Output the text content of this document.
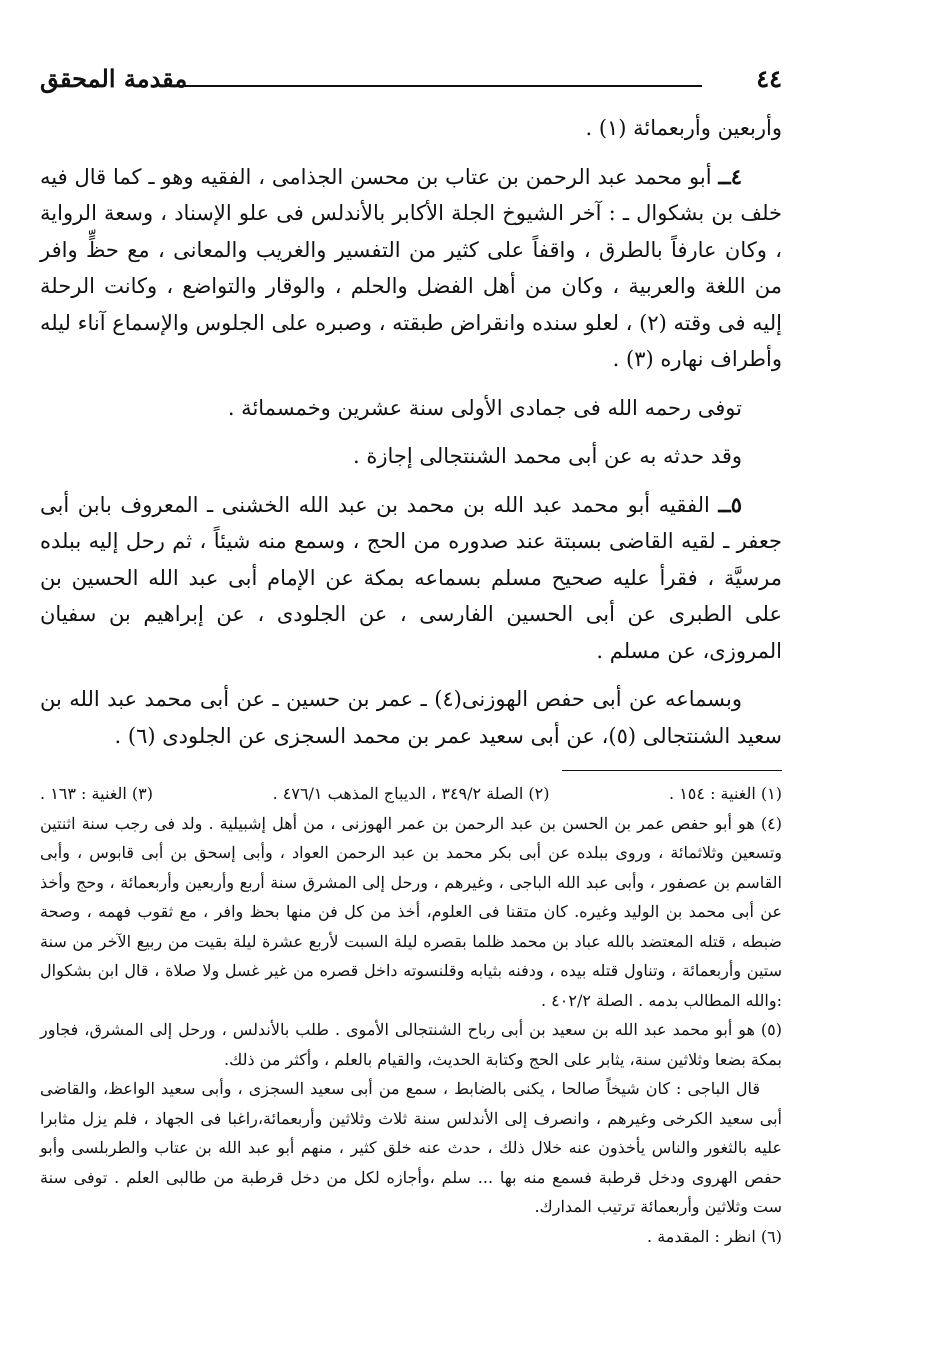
٤٤
مقدمة المحقق

وأربعين وأربعمائة (١) .

٤ــ أبو محمد عبد الرحمن بن عتاب بن محسن الجذامى ، الفقيه وهو ـ كما قال فيه خلف بن بشكوال ـ : آخر الشيوخ الجلة الأكابر بالأندلس فى علو الإسناد ، وسعة الرواية ، وكان عارفاً بالطرق ، واقفاً على كثير من التفسير والغريب والمعانى ، مع حظٍّ وافر من اللغة والعربية ، وكان من أهل الفضل والحلم ، والوقار والتواضع ، وكانت الرحلة إليه فى وقته (٢) ، لعلو سنده وانقراض طبقته ، وصبره على الجلوس والإسماع آناء ليله وأطراف نهاره (٣) .

توفى رحمه الله فى جمادى الأولى سنة عشرين وخمسمائة .

وقد حدثه به عن أبى محمد الشنتجالى إجازة .

٥ــ الفقيه أبو محمد عبد الله بن محمد بن عبد الله الخشنى ـ المعروف بابن أبى جعفر ـ لقيه القاضى بسبتة عند صدوره من الحج ، وسمع منه شيئاً ، ثم رحل إليه ببلده مرسيَّة ، فقرأ عليه صحيح مسلم بسماعه بمكة عن الإمام أبى عبد الله الحسين بن على الطبرى عن أبى الحسين الفارسى ، عن الجلودى ، عن إبراهيم بن سفيان المروزى، عن مسلم .

وبسماعه عن أبى حفص الهوزنى(٤) ـ عمر بن حسين ـ عن أبى محمد عبد الله بن سعيد الشنتجالى (٥)، عن أبى سعيد عمر بن محمد السجزى عن الجلودى (٦) .

(١) الغنية : ١٥٤ .
(٢) الصلة ٣٤٩/٢ ، الديباج المذهب ٤٧٦/١ .
(٣) الغنية : ١٦٣ .

(٤) هو أبو حفص عمر بن الحسن بن عبد الرحمن بن عمر الهوزنى ، من أهل إشبيلية . ولد فى رجب سنة اثنتين وتسعين وثلاثمائة ، وروى ببلده عن أبى بكر محمد بن عبد الرحمن العواد ، وأبى إسحق بن أبى قابوس ، وأبى القاسم بن عصفور ، وأبى عبد الله الباجى ، وغيرهم ، ورحل إلى المشرق سنة أربع وأربعين وأربعمائة ، وحج وأخذ عن أبى محمد بن الوليد وغيره. كان متقنا فى العلوم، أخذ من كل فن منها بحظ وافر ، مع ثقوب فهمه ، وصحة ضبطه ، قتله المعتضد بالله عباد بن محمد ظلما بقصره ليلة السبت لأربع عشرة ليلة بقيت من ربيع الآخر من سنة ستين وأربعمائة ، وتناول قتله بيده ، ودفنه بثيابه وقلنسوته داخل قصره من غير غسل ولا صلاة ، قال ابن بشكوال :والله المطالب بدمه . الصلة ٤٠٢/٢ .

(٥) هو أبو محمد عبد الله بن سعيد بن أبى رباح الشنتجالى الأموى . طلب بالأندلس ، ورحل إلى المشرق، فجاور بمكة بضعا وثلاثين سنة، يثابر على الحج وكتابة الحديث، والقيام بالعلم ، وأكثر من ذلك.

قال الباجى : كان شيخاً صالحا ، يكنى بالضابط ، سمع من أبى سعيد السجزى ، وأبى سعيد الواعظ، والقاضى أبى سعيد الكرخى وغيرهم ، وانصرف إلى الأندلس سنة ثلاث وثلاثين وأربعمائة،راغبا فى الجهاد ، فلم يزل مثابرا عليه بالثغور والناس يأخذون عنه خلال ذلك ، حدث عنه خلق كثير ، منهم أبو عبد الله بن عتاب والطربلسى وأبو حفص الهروى ودخل قرطبة فسمع منه بها ... سلم ،وأجازه لكل من دخل قرطبة من طالبى العلم . توفى سنة ست وثلاثين وأربعمائة ترتيب المدارك.

(٦) انظر : المقدمة .
